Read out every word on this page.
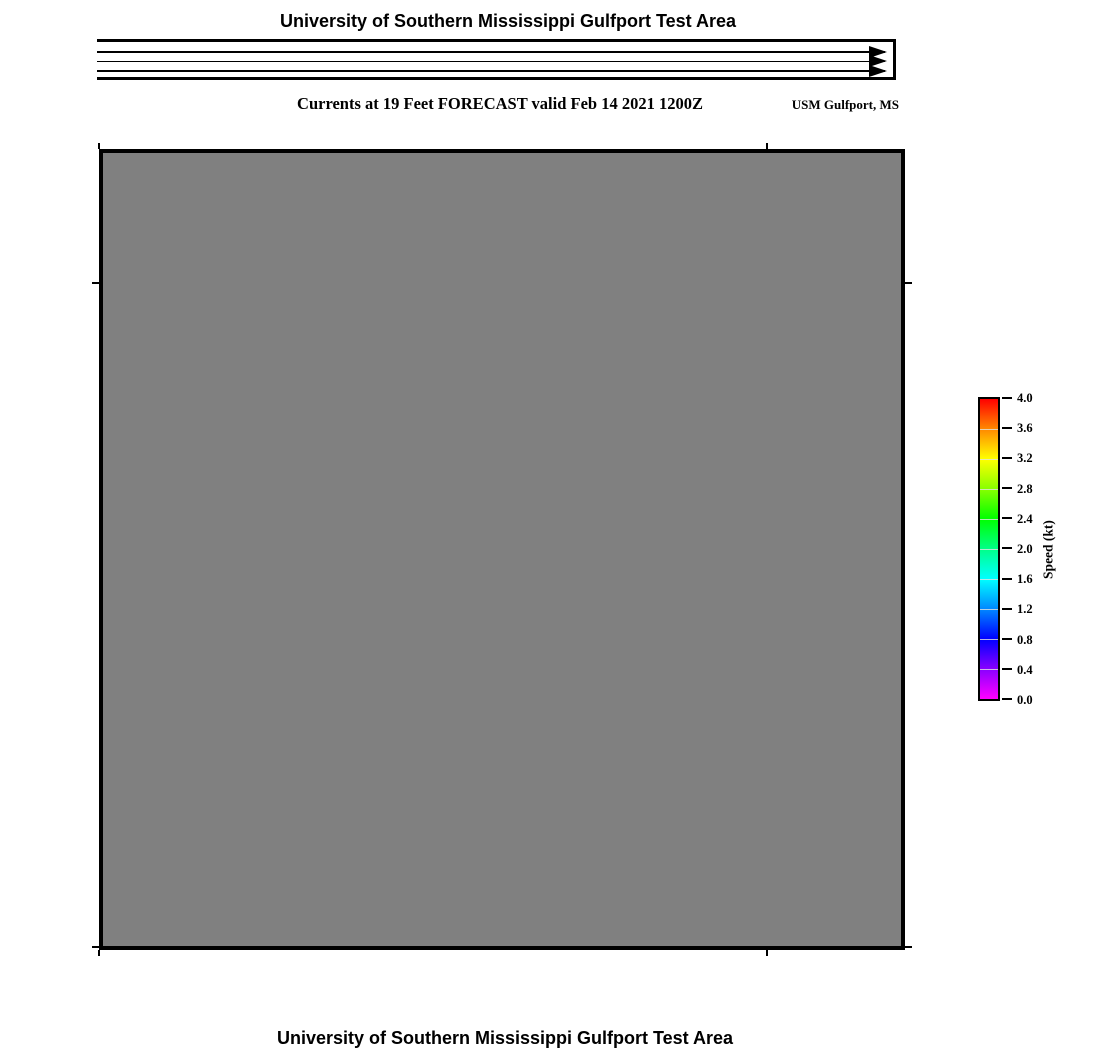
University of Southern Mississippi Gulfport Test Area
Currents at 19 Feet FORECAST valid Feb 14 2021 1200Z	USM Gulfport, MS
4.0
3.6
3.2
2.8
2.4
2.0
1.6
1.2
0.8
0.4
0.0
Speed (kt)
University of Southern Mississippi Gulfport Test Area
